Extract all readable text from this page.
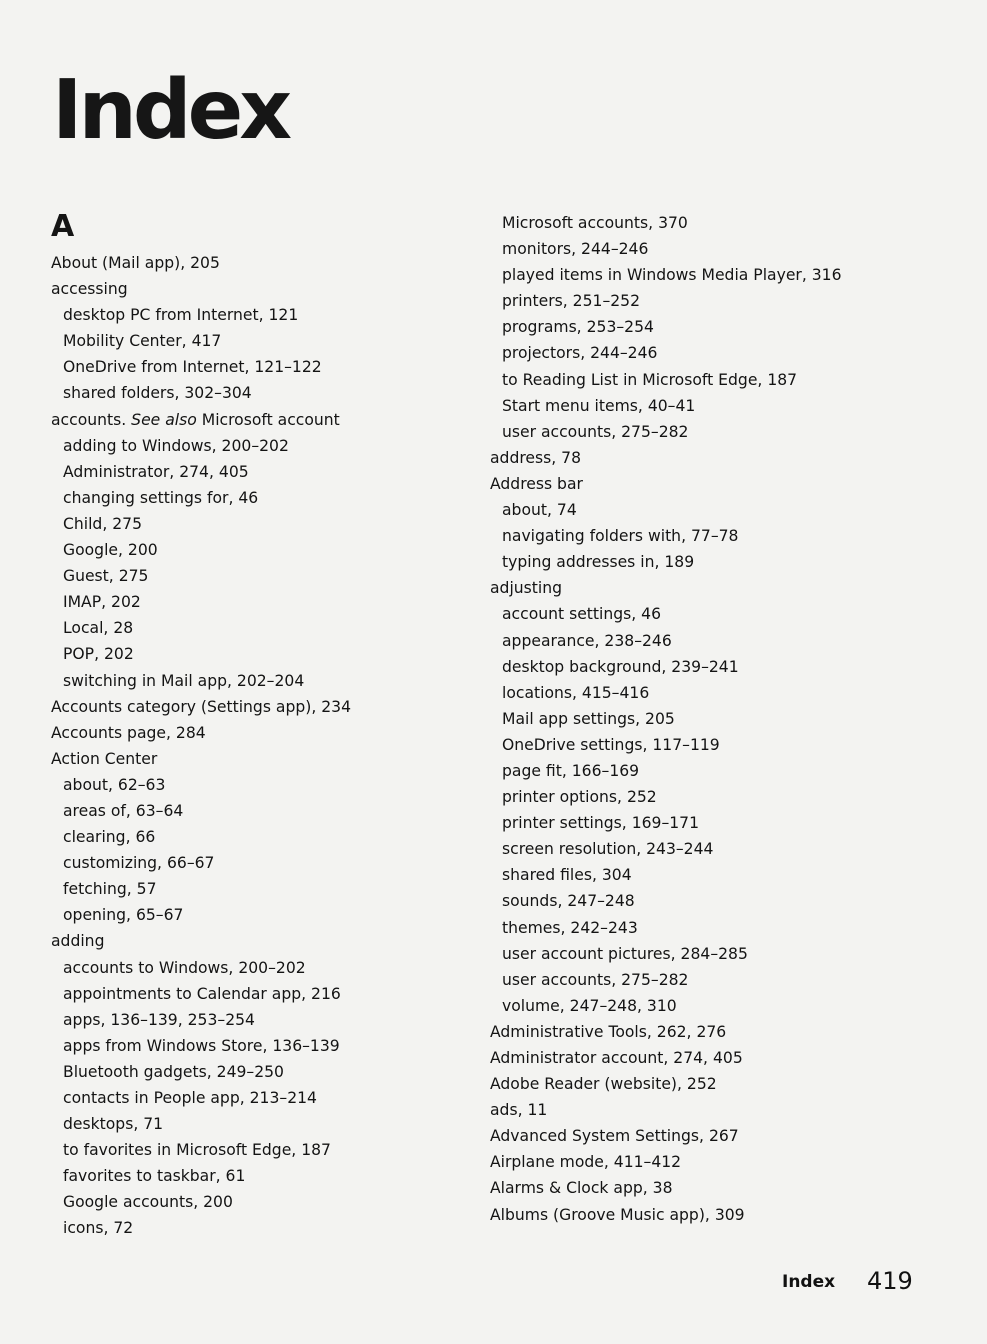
Index
A
About (Mail app), 205
accessing
desktop PC from Internet, 121
Mobility Center, 417
OneDrive from Internet, 121–122
shared folders, 302–304
accounts. See also Microsoft account
adding to Windows, 200–202
Administrator, 274, 405
changing settings for, 46
Child, 275
Google, 200
Guest, 275
IMAP, 202
Local, 28
POP, 202
switching in Mail app, 202–204
Accounts category (Settings app), 234
Accounts page, 284
Action Center
about, 62–63
areas of, 63–64
clearing, 66
customizing, 66–67
fetching, 57
opening, 65–67
adding
accounts to Windows, 200–202
appointments to Calendar app, 216
apps, 136–139, 253–254
apps from Windows Store, 136–139
Bluetooth gadgets, 249–250
contacts in People app, 213–214
desktops, 71
to favorites in Microsoft Edge, 187
favorites to taskbar, 61
Google accounts, 200
icons, 72
Microsoft accounts, 370
monitors, 244–246
played items in Windows Media Player, 316
printers, 251–252
programs, 253–254
projectors, 244–246
to Reading List in Microsoft Edge, 187
Start menu items, 40–41
user accounts, 275–282
address, 78
Address bar
about, 74
navigating folders with, 77–78
typing addresses in, 189
adjusting
account settings, 46
appearance, 238–246
desktop background, 239–241
locations, 415–416
Mail app settings, 205
OneDrive settings, 117–119
page fit, 166–169
printer options, 252
printer settings, 169–171
screen resolution, 243–244
shared files, 304
sounds, 247–248
themes, 242–243
user account pictures, 284–285
user accounts, 275–282
volume, 247–248, 310
Administrative Tools, 262, 276
Administrator account, 274, 405
Adobe Reader (website), 252
ads, 11
Advanced System Settings, 267
Airplane mode, 411–412
Alarms & Clock app, 38
Albums (Groove Music app), 309
Index 419
